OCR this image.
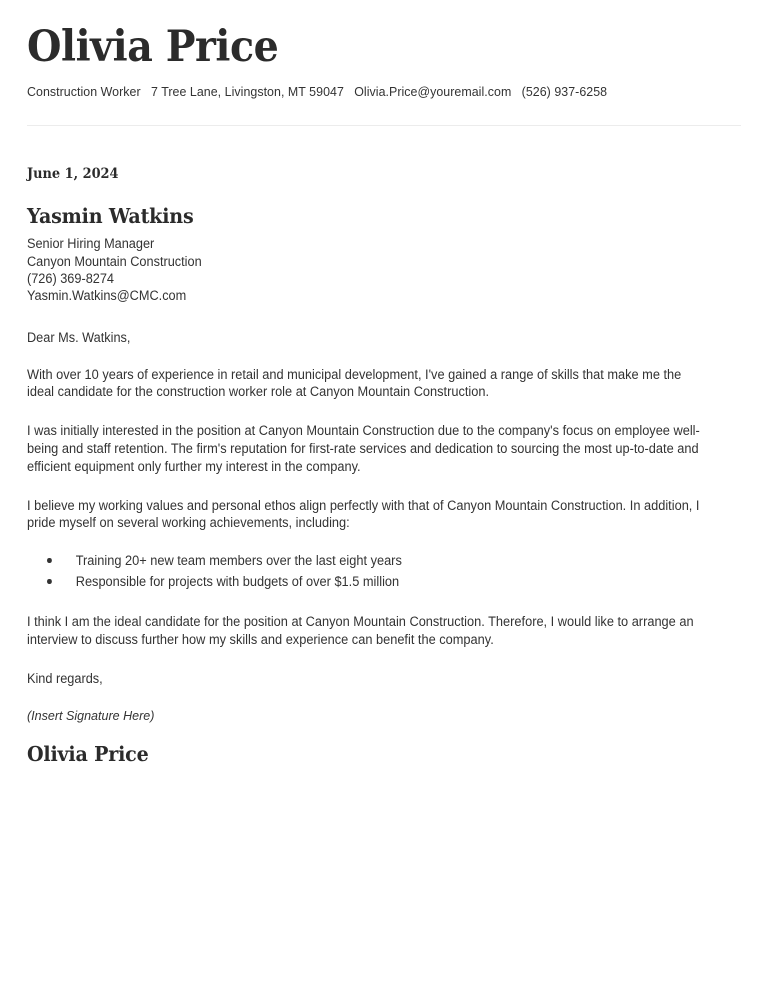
Olivia Price
Construction Worker 7 Tree Lane, Livingston, MT 59047 Olivia.Price@youremail.com (526) 937-6258
June 1, 2024
Yasmin Watkins
Senior Hiring Manager
Canyon Mountain Construction
(726) 369-8274
Yasmin.Watkins@CMC.com
Dear Ms. Watkins,
With over 10 years of experience in retail and municipal development, I've gained a range of skills that make me the ideal candidate for the construction worker role at Canyon Mountain Construction.
I was initially interested in the position at Canyon Mountain Construction due to the company's focus on employee well-being and staff retention. The firm's reputation for first-rate services and dedication to sourcing the most up-to-date and efficient equipment only further my interest in the company.
I believe my working values and personal ethos align perfectly with that of Canyon Mountain Construction. In addition, I pride myself on several working achievements, including:
Training 20+ new team members over the last eight years
Responsible for projects with budgets of over $1.5 million
I think I am the ideal candidate for the position at Canyon Mountain Construction. Therefore, I would like to arrange an interview to discuss further how my skills and experience can benefit the company.
Kind regards,
(Insert Signature Here)
Olivia Price
